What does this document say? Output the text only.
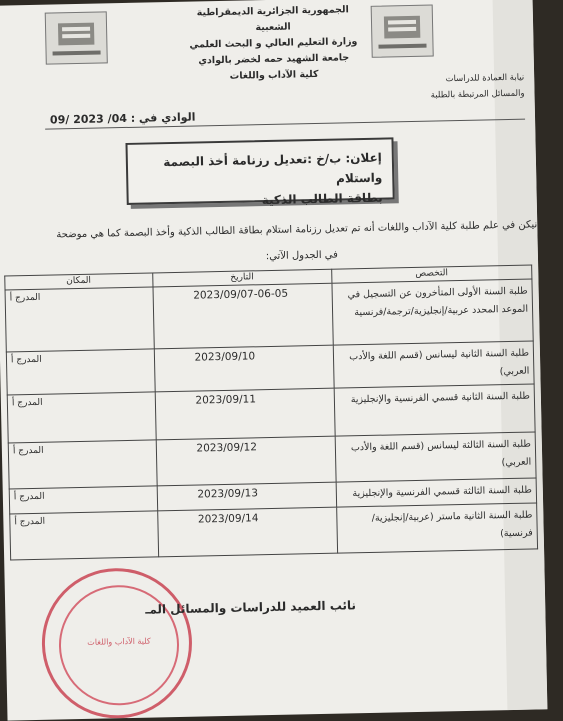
الجمهورية الجزائرية الديمقراطية الشعبية
وزارة التعليم العالي و البحث العلمي
جامعة الشهيد حمه لخضر بالوادي
كلية الآداب واللغات	نيابة العمادة للدراسات
والمسائل المرتبطة بالطلبة
الوادي في : 04/ 2023 /09
إعلان: ب/خ :تعديل رزنامة أخذ البصمة واستلام
بطاقة الطالب الذكية
نيكن في علم طلبة كلية الآداب واللغات أنه تم تعديل رزنامة استلام بطاقة الطالب الذكية وأخذ البصمة كما هي موضحة
في الجدول الآتي:
التخصص	التاريخ	المكان
طلبة السنة الأولى المتأخرون عن التسجيل في الموعد المحدد عربية/إنجليزية/ترجمة/فرنسية	2023/09/07-06-05	المدرج أ
طلبة السنة الثانية ليسانس (قسم اللغة والأدب العربي)	2023/09/10	المدرج أ
طلبة السنة الثانية قسمي الفرنسية والإنجليزية	2023/09/11	المدرج أ
طلبة السنة الثالثة ليسانس (قسم اللغة والأدب العربي)	2023/09/12	المدرج أ
طلبة السنة الثالثة قسمي الفرنسية والإنجليزية	2023/09/13	المدرج أ
طلبة السنة الثانية ماستر (عربية/إنجليزية/فرنسية)	2023/09/14	المدرج أ
كلية الآداب واللغات
نائب العميد للدراسات والمسائل المـ
